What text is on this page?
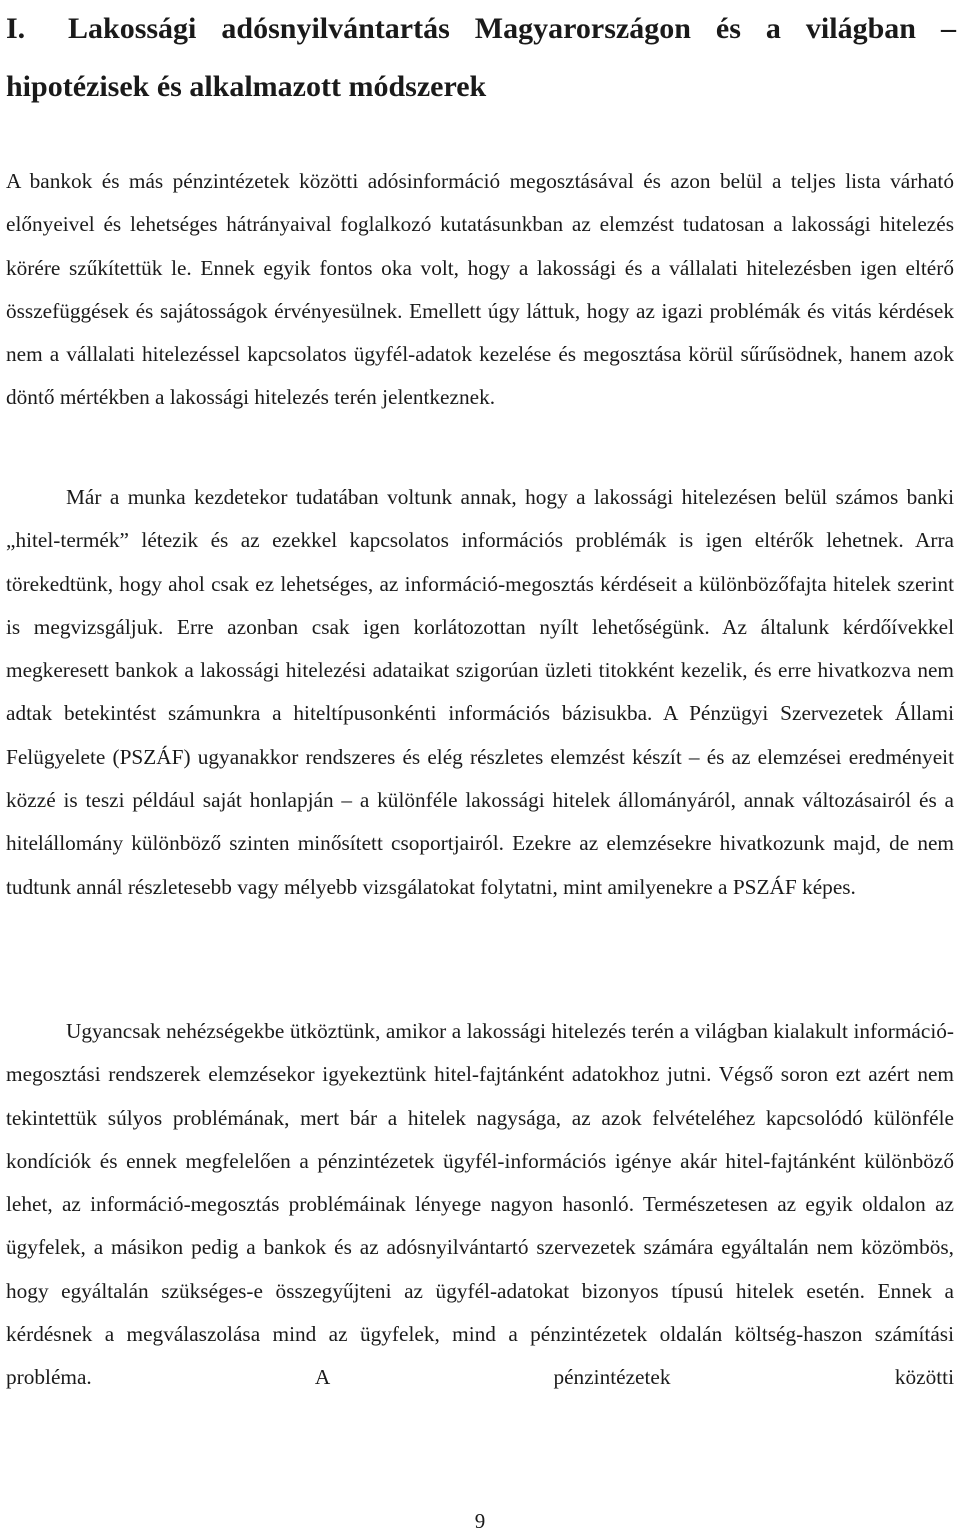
I. Lakossági adósnyilvántartás Magyarországon és a világban – hipotézisek és alkalmazott módszerek

A bankok és más pénzintézetek közötti adósinformáció megosztásával és azon belül a teljes lista várható előnyeivel és lehetséges hátrányaival foglalkozó kutatásunkban az elemzést tudatosan a lakossági hitelezés körére szűkítettük le. Ennek egyik fontos oka volt, hogy a lakossági és a vállalati hitelezésben igen eltérő összefüggések és sajátosságok érvényesülnek. Emellett úgy láttuk, hogy az igazi problémák és vitás kérdések nem a vállalati hitelezéssel kapcsolatos ügyfél-adatok kezelése és megosztása körül sűrűsödnek, hanem azok döntő mértékben a lakossági hitelezés terén jelentkeznek.

Már a munka kezdetekor tudatában voltunk annak, hogy a lakossági hitelezésen belül számos banki „hitel-termék” létezik és az ezekkel kapcsolatos információs problémák is igen eltérők lehetnek. Arra törekedtünk, hogy ahol csak ez lehetséges, az információ-megosztás kérdéseit a különbözőfajta hitelek szerint is megvizsgáljuk. Erre azonban csak igen korlátozottan nyílt lehetőségünk. Az általunk kérdőívekkel megkeresett bankok a lakossági hitelezési adataikat szigorúan üzleti titokként kezelik, és erre hivatkozva nem adtak betekintést számunkra a hiteltípusonkénti információs bázisukba. A Pénzügyi Szervezetek Állami Felügyelete (PSZÁF) ugyanakkor rendszeres és elég részletes elemzést készít – és az elemzései eredményeit közzé is teszi például saját honlapján – a különféle lakossági hitelek állományáról, annak változásairól és a hitelállomány különböző szinten minősített csoportjairól. Ezekre az elemzésekre hivatkozunk majd, de nem tudtunk annál részletesebb vagy mélyebb vizsgálatokat folytatni, mint amilyenekre a PSZÁF képes.

Ugyancsak nehézségekbe ütköztünk, amikor a lakossági hitelezés terén a világban kialakult információ-megosztási rendszerek elemzésekor igyekeztünk hitel-fajtánként adatokhoz jutni. Végső soron ezt azért nem tekintettük súlyos problémának, mert bár a hitelek nagysága, az azok felvételéhez kapcsolódó különféle kondíciók és ennek megfelelően a pénzintézetek ügyfél-információs igénye akár hitel-fajtánként különböző lehet, az információ-megosztás problémáinak lényege nagyon hasonló. Természetesen az egyik oldalon az ügyfelek, a másikon pedig a bankok és az adósnyilvántartó szervezetek számára egyáltalán nem közömbös, hogy egyáltalán szükséges-e összegyűjteni az ügyfél-adatokat bizonyos típusú hitelek esetén. Ennek a kérdésnek a megválaszolása mind az ügyfelek, mind a pénzintézetek oldalán költség-haszon számítási probléma. A pénzintézetek közötti

9
